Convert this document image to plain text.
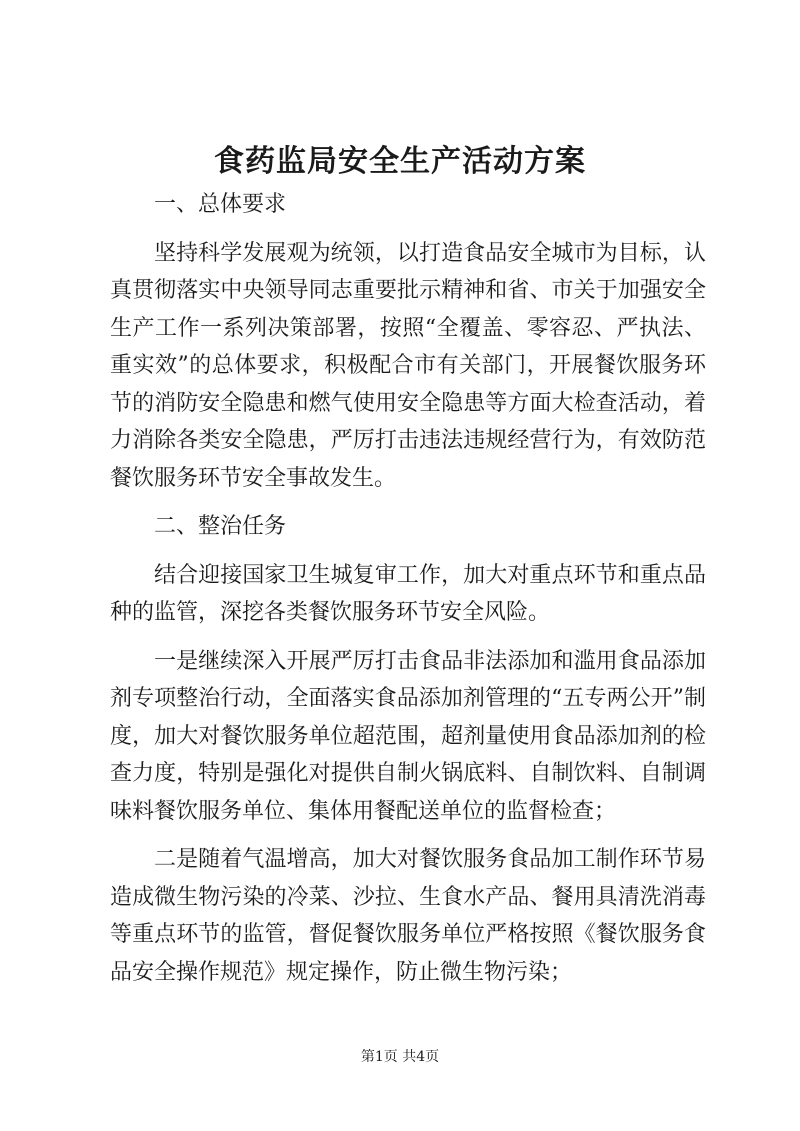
食药监局安全生产活动方案

一、总体要求

坚持科学发展观为统领，以打造食品安全城市为目标，认真贯彻落实中央领导同志重要批示精神和省、市关于加强安全生产工作一系列决策部署，按照“全覆盖、零容忍、严执法、重实效”的总体要求，积极配合市有关部门，开展餐饮服务环节的消防安全隐患和燃气使用安全隐患等方面大检查活动，着力消除各类安全隐患，严厉打击违法违规经营行为，有效防范餐饮服务环节安全事故发生。

二、整治任务

结合迎接国家卫生城复审工作，加大对重点环节和重点品种的监管，深挖各类餐饮服务环节安全风险。

一是继续深入开展严厉打击食品非法添加和滥用食品添加剂专项整治行动，全面落实食品添加剂管理的“五专两公开”制度，加大对餐饮服务单位超范围，超剂量使用食品添加剂的检查力度，特别是强化对提供自制火锅底料、自制饮料、自制调味料餐饮服务单位、集体用餐配送单位的监督检查；

二是随着气温增高，加大对餐饮服务食品加工制作环节易造成微生物污染的冷菜、沙拉、生食水产品、餐用具清洗消毒等重点环节的监管，督促餐饮服务单位严格按照《餐饮服务食品安全操作规范》规定操作，防止微生物污染；

第1页 共4页
